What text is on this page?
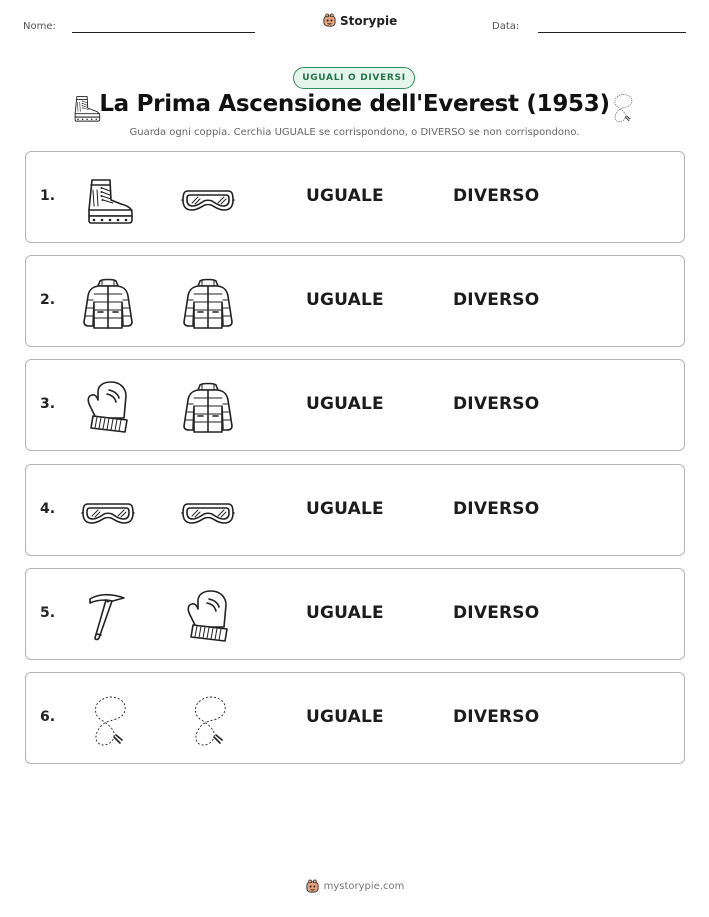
Nome:	Storypie	Data:
UGUALI O DIVERSI
La Prima Ascensione dell'Everest (1953)
Guarda ogni coppia. Cerchia UGUALE se corrispondono, o DIVERSO se non corrispondono.
1.	UGUALE	DIVERSO
2.	UGUALE	DIVERSO
3.	UGUALE	DIVERSO
4.	UGUALE	DIVERSO
5.	UGUALE	DIVERSO
6.	UGUALE	DIVERSO
mystorypie.com
